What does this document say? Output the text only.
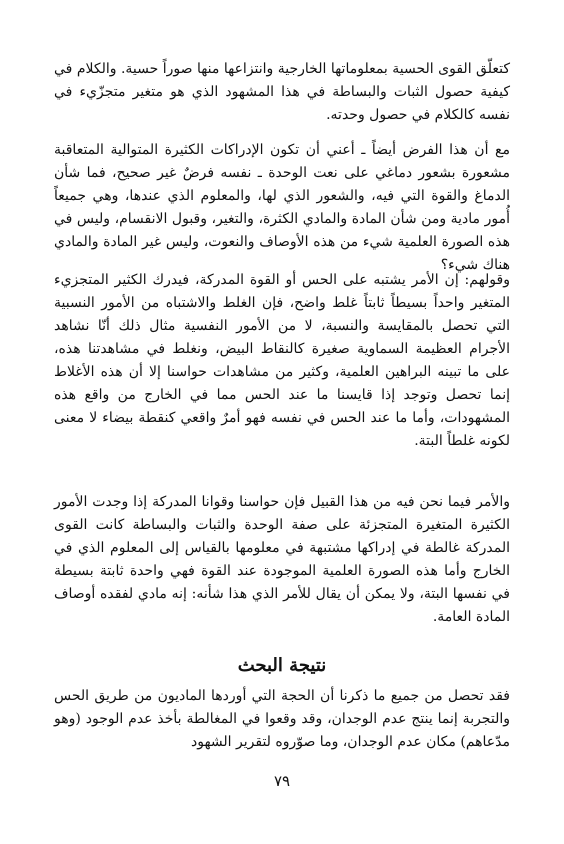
كتعلّق القوى الحسية بمعلوماتها الخارجية وانتزاعها منها صوراً حسية. والكلام في كيفية حصول الثبات والبساطة في هذا المشهود الذي هو متغير متجزّيء في نفسه كالكلام في حصول وحدته.

مع أن هذا الفرض أيضاً ـ أعني أن تكون الإدراكات الكثيرة المتوالية المتعاقبة مشعورة بشعور دماغي على نعت الوحدة ـ نفسه فرضٌ غير صحيح، فما شأن الدماغ والقوة التي فيه، والشعور الذي لها، والمعلوم الذي عندها، وهي جميعاً أُمور مادية ومن شأن المادة والمادي الكثرة، والتغير، وقبول الانقسام، وليس في هذه الصورة العلمية شيء من هذه الأوصاف والنعوت، وليس غير المادة والمادي هناك شيء؟

وقولهم: إن الأمر يشتبه على الحس أو القوة المدركة، فيدرك الكثير المتجزيء المتغير واحداً بسيطاً ثابتاً غلط واضح، فإن الغلط والاشتباه من الأمور النسبية التي تحصل بالمقايسة والنسبة، لا من الأمور النفسية مثال ذلك أنّا نشاهد الأجرام العظيمة السماوية صغيرة كالنقاط البيض، ونغلط في مشاهدتنا هذه، على ما تبينه البراهين العلمية، وكثير من مشاهدات حواسنا إلا أن هذه الأغلاط إنما تحصل وتوجد إذا قايسنا ما عند الحس مما في الخارج من واقع هذه المشهودات، وأما ما عند الحس في نفسه فهو أمرٌ واقعي كنقطة بيضاء لا معنى لكونه غلطاً البتة.

والأمر فيما نحن فيه من هذا القبيل فإن حواسنا وقوانا المدركة إذا وجدت الأمور الكثيرة المتغيرة المتجزئة على صفة الوحدة والثبات والبساطة كانت القوى المدركة غالطة في إدراكها مشتبهة في معلومها بالقياس إلى المعلوم الذي في الخارج وأما هذه الصورة العلمية الموجودة عند القوة فهي واحدة ثابتة بسيطة في نفسها البتة، ولا يمكن أن يقال للأمر الذي هذا شأنه: إنه مادي لفقده أوصاف المادة العامة.

نتيجة البحث

فقد تحصل من جميع ما ذكرنا أن الحجة التي أوردها الماديون من طريق الحس والتجربة إنما ينتج عدم الوجدان، وقد وقعوا في المغالطة بأخذ عدم الوجود (وهو مدّعاهم) مكان عدم الوجدان، وما صوّروه لتقرير الشهود

٧٩
